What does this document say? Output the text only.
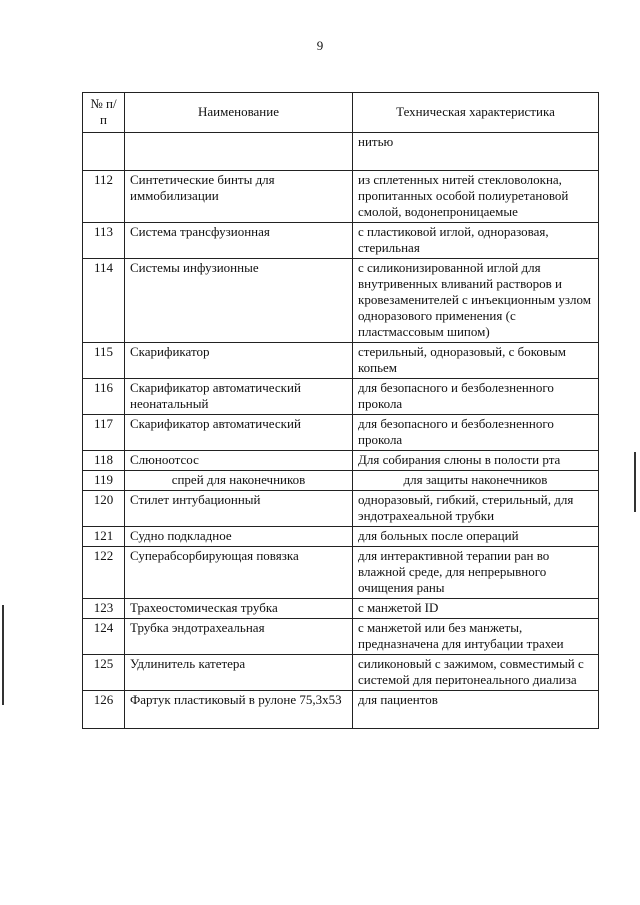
9
№ п/п	Наименование	Техническая характеристика
		нитью
112	Синтетические бинты для иммобилизации	из сплетенных нитей стекловолокна, пропитанных особой полиуретановой смолой, водонепроницаемые
113	Система трансфузионная	с пластиковой иглой, одноразовая, стерильная
114	Системы инфузионные	с силиконизированной иглой для внутривенных вливаний растворов и кровезаменителей с инъекционным узлом одноразового применения (с пластмассовым шипом)
115	Скарификатор	стерильный, одноразовый, с боковым копьем
116	Скарификатор автоматический неонатальный	для безопасного и безболезненного прокола
117	Скарификатор автоматический	для безопасного и безболезненного прокола
118	Слюноотсос	Для собирания слюны в полости рта
119	спрей для наконечников	для защиты наконечников
120	Стилет интубационный	одноразовый, гибкий, стерильный, для эндотрахеальной трубки
121	Судно подкладное	для больных после операций
122	Суперабсорбирующая повязка	для интерактивной терапии ран во влажной среде, для непрерывного очищения раны
123	Трахеостомическая трубка	с манжетой ID
124	Трубка эндотрахеальная	с манжетой или без манжеты, предназначена для интубации трахеи
125	Удлинитель катетера	силиконовый с зажимом, совместимый с системой для перитонеального диализа
126	Фартук пластиковый в рулоне 75,3х53	для пациентов
